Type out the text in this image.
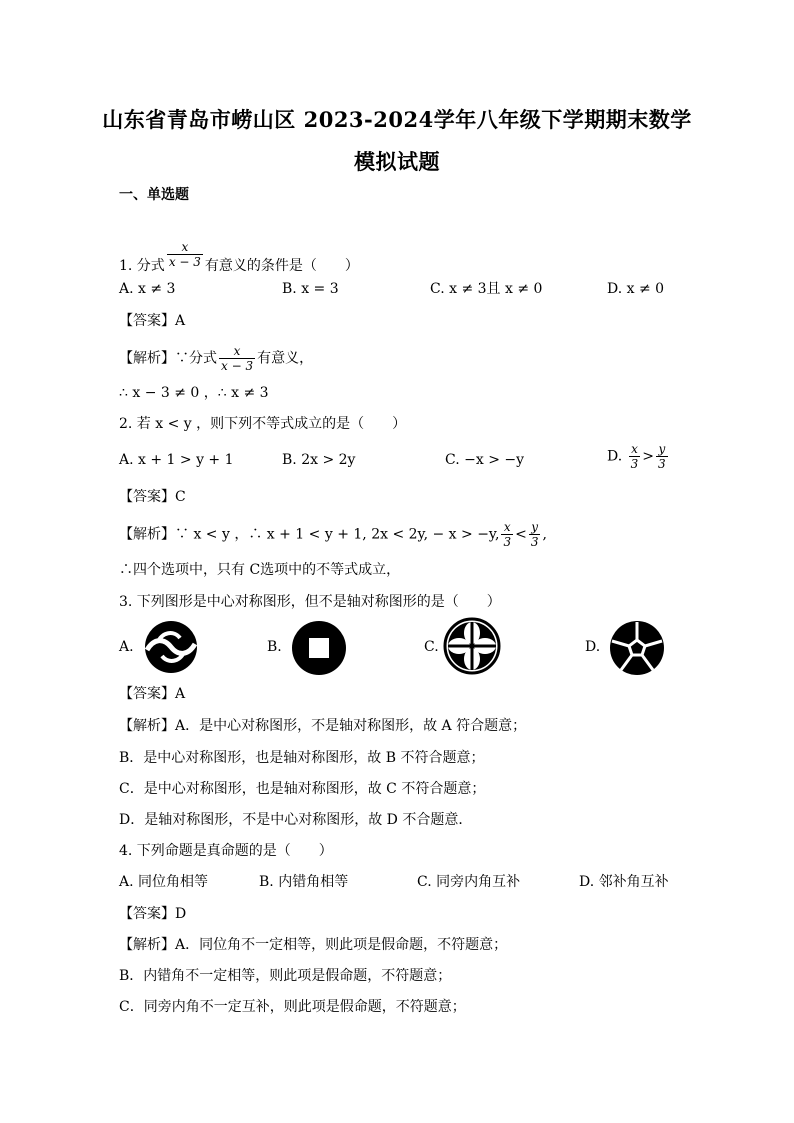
山东省青岛市崂山区 2023-2024学年八年级下学期期末数学
模拟试题
一、单选题
1. 分式 $\frac{x}{x - 3}$ 有意义的条件是（　　）
A. x ≠ 3	B. x = 3	C. x ≠ 3且 x ≠ 0	D. x ≠ 0
【答案】A
【解析】∵分式 $\frac{x}{x - 3}$ 有意义，
∴ x − 3 ≠ 0 ，∴ x ≠ 3
2. 若 x < y ，则下列不等式成立的是（　　）
A. x + 1 > y + 1	B. 2x > 2y	C. −x > −y	D. $\frac{x}{3} > \frac{y}{3}$
【答案】C
【解析】∵ x < y ，∴ x + 1 < y + 1, 2x < 2y, − x > −y, $\frac{x}{3} < \frac{y}{3}$ ,
∴四个选项中，只有 C选项中的不等式成立，
3. 下列图形是中心对称图形，但不是轴对称图形的是（　　）
A.	B.	C.	D.
【答案】A
【解析】A．是中心对称图形，不是轴对称图形，故 A 符合题意；
B．是中心对称图形，也是轴对称图形，故 B 不符合题意；
C．是中心对称图形，也是轴对称图形，故 C 不符合题意；
D．是轴对称图形，不是中心对称图形，故 D 不合题意．
4. 下列命题是真命题的是（　　）
A. 同位角相等	B. 内错角相等	C. 同旁内角互补	D. 邻补角互补
【答案】D
【解析】A．同位角不一定相等，则此项是假命题，不符题意；
B．内错角不一定相等，则此项是假命题，不符题意；
C．同旁内角不一定互补，则此项是假命题，不符题意；
